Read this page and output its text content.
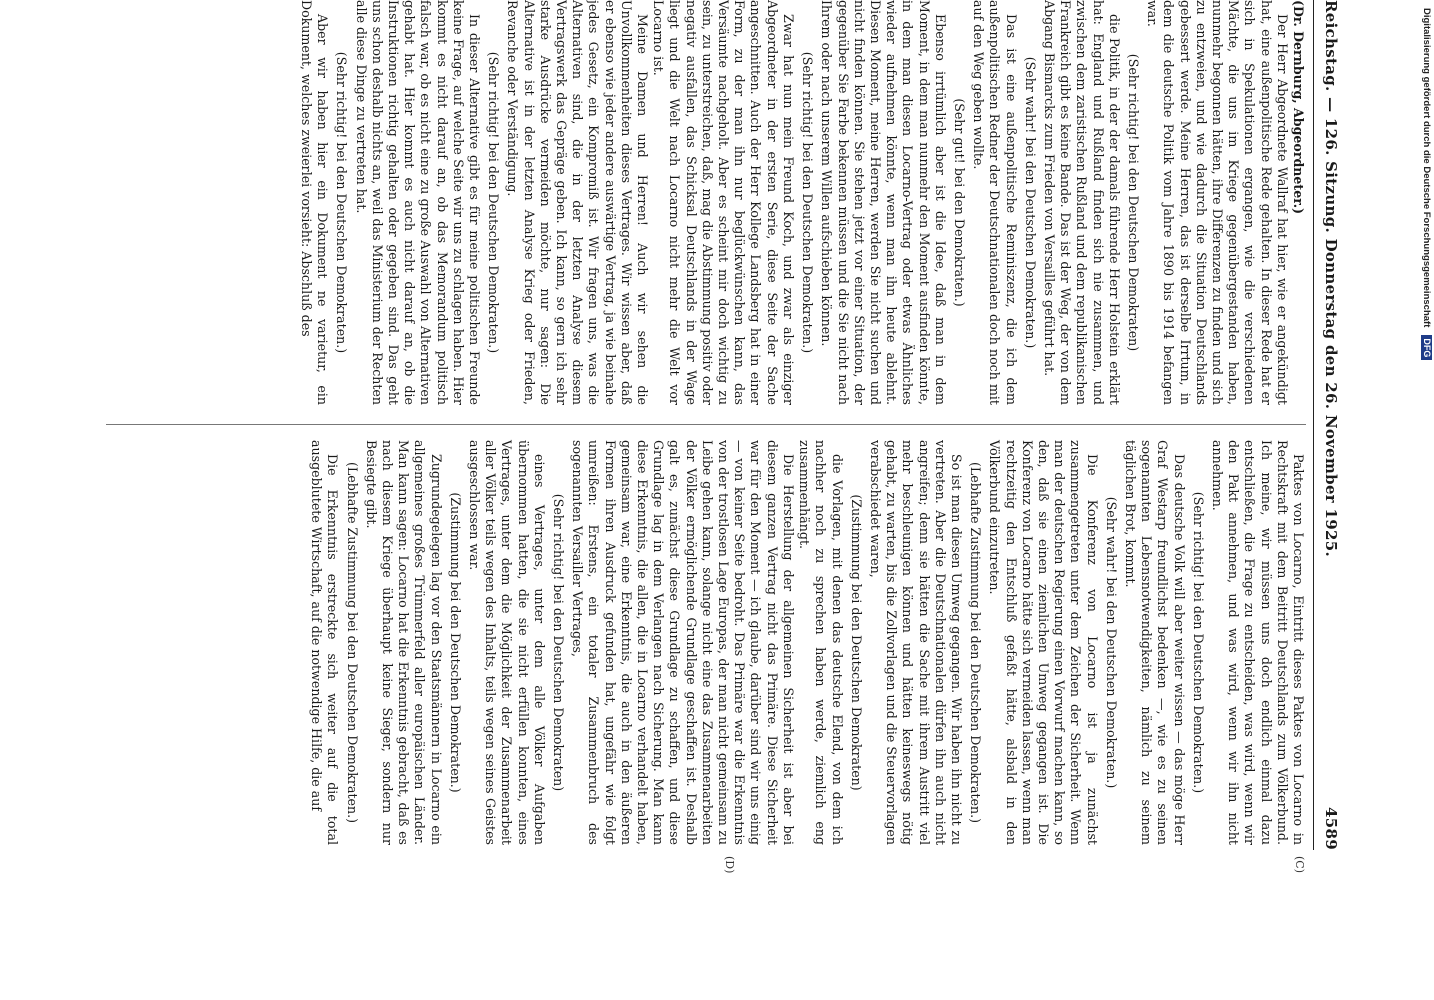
Reichstag. — 126. Sitzung. Donnerstag den 26. November 1925.
4589

(Dr. Dernburg, Abgeordneter.)

Der Herr Abgeordnete Wallraf hat hier, wie er angekündigt hat, eine außenpolitische Rede gehalten. In dieser Rede hat er sich in Spekulationen ergangen, wie die verschiedenen Mächte, die uns im Kriege gegenübergestanden haben, nunmehr begonnen hätten, ihre Differenzen zu finden und sich zu entzweien, und wie dadurch die Situation Deutschlands gebessert werde. Meine Herren, das ist derselbe Irrtum, in dem die deutsche Politik vom Jahre 1890 bis 1914 befangen war.

(Sehr richtig! bei den Deutschen Demokraten)

die Politik, in der der damals führende Herr Holstein erklärt hat: England und Rußland finden sich nie zusammen, und zwischen dem zaristischen Rußland und dem republikanischen Frankreich gibt es keine Bande. Das ist der Weg, der von dem Abgang Bismarcks zum Frieden von Versailles geführt hat.

(Sehr wahr! bei den Deutschen Demokraten.)

Das ist eine außenpolitische Reminiszenz, die ich dem außenpolitischen Redner der Deutschnationalen doch noch mit auf den Weg geben wollte.

(Sehr gut! bei den Demokraten.)

Ebenso irrtümlich aber ist die Idee, daß man in dem Moment, in dem man nunmehr den Moment ausfinden könnte, in dem man diesen Locarno-Vertrag oder etwas Ähnliches wieder aufnehmen könnte, wenn man ihn heute ablehnt. Diesen Moment, meine Herren, werden Sie nicht suchen und nicht finden können. Sie stehen jetzt vor einer Situation, der gegenüber Sie Farbe bekennen müssen und die Sie nicht nach Ihrem oder nach unserem Willen aufschieben können.

(Sehr richtig! bei den Deutschen Demokraten.)

Zwar hat nun mein Freund Koch, und zwar als einziger Abgeordneter in der ersten Serie, diese Seite der Sache angeschnitten. Auch der Herr Kollege Landsberg hat in einer Form, zu der man ihn nur beglückwünschen kann, das Versäumte nachgeholt. Aber es scheint mir doch wichtig zu sein, zu unterstreichen, daß, mag die Abstimmung positiv oder negativ ausfallen, das Schicksal Deutschlands in der Wage liegt und die Welt nach Locarno nicht mehr die Welt vor Locarno ist.

Meine Damen und Herren! Auch wir sehen die Unvollkommenheiten dieses Vertrages. Wir wissen aber, daß er ebenso wie jeder andere auswärtige Vertrag, ja wie beinahe jedes Gesetz, ein Kompromiß ist. Wir fragen uns, was die Alternativen sind, die in der letzten Analyse diesem Vertragswerk das Gepräge geben. Ich kann, so gern ich sehr starke Ausdrücke vermeiden möchte, nur sagen: Die Alternative ist in der letzten Analyse Krieg oder Frieden, Revanche oder Verständigung.

(Sehr richtig! bei den Deutschen Demokraten.)

In dieser Alternative gibt es für meine politischen Freunde keine Frage, auf welche Seite wir uns zu schlagen haben. Hier kommt es nicht darauf an, ob das Memorandum politisch falsch war, ob es nicht eine zu große Auswahl von Alternativen gehabt hat. Hier kommt es auch nicht darauf an, ob die Instruktionen richtig gehalten oder gegeben sind. Das geht uns schon deshalb nichts an, weil das Ministerium der Rechten alle diese Dinge zu vertreten hat.

(Sehr richtig! bei den Deutschen Demokraten.)

Aber wir haben hier ein Dokument ne varietur, ein Dokument, welches zweierlei vorsieht: Abschluß des

Paktes von Locarno, Eintritt dieses Paktes von Locarno in Rechtskraft mit dem Beitritt Deutschlands zum Völkerbund. Ich meine, wir müssen uns doch endlich einmal dazu entschließen, die Frage zu entscheiden, was wird, wenn wir den Pakt annehmen, und was wird, wenn wir ihn nicht annehmen.

(Sehr richtig! bei den Deutschen Demokraten.)

Das deutsche Volk will aber weiter wissen — das möge Herr Graf Westarp freundlichst bedenken —, wie es zu seinen sogenannten Lebensnotwendigkeiten, nämlich zu seinem täglichen Brot, kommt.

(Sehr wahr! bei den Deutschen Demokraten.)

Die Konferenz von Locarno ist ja zunächst zusammengetreten unter dem Zeichen der Sicherheit. Wenn man der deutschen Regierung einen Vorwurf machen kann, so den, daß sie einen ziemlichen Umweg gegangen ist. Die Konferenz von Locarno hätte sich vermeiden lassen, wenn man rechtzeitig den Entschluß gefaßt hätte, alsbald in den Völkerbund einzutreten.

(Lebhafte Zustimmung bei den Deutschen Demokraten.)

So ist man diesen Umweg gegangen. Wir haben ihn nicht zu vertreten. Aber die Deutschnationalen dürfen ihn auch nicht angreifen; denn sie hätten die Sache mit ihrem Austritt viel mehr beschleunigen können und hätten keineswegs nötig gehabt, zu warten, bis die Zollvorlagen und die Steuervorlagen verabschiedet waren,

(Zustimmung bei den Deutschen Demokraten)

die Vorlagen, mit denen das deutsche Elend, von dem ich nachher noch zu sprechen haben werde, ziemlich eng zusammenhängt.

Die Herstellung der allgemeinen Sicherheit ist aber bei diesem ganzen Vertrag nicht das Primäre. Diese Sicherheit war für den Moment — ich glaube, darüber sind wir uns einig — von keiner Seite bedroht. Das Primäre war die Erkenntnis von der trostlosen Lage Europas, der man nicht gemeinsam zu Leibe gehen kann, solange nicht eine das Zusammenarbeiten der Völker ermöglichende Grundlage geschaffen ist. Deshalb galt es, zunächst diese Grundlage zu schaffen, und diese Grundlage lag in dem Verlangen nach Sicherung. Man kann diese Erkenntnis, die allen, die in Locarno verhandelt haben, gemeinsam war, eine Erkenntnis, die auch in den äußeren Formen ihren Ausdruck gefunden hat, ungefähr wie folgt umreißen: Erstens, ein totaler Zusammenbruch des sogenannten Versailler Vertrages,

(Sehr richtig! bei den Deutschen Demokraten)

eines Vertrages, unter dem alle Völker Aufgaben übernommen hatten, die sie nicht erfüllen konnten, eines Vertrages, unter dem die Möglichkeit der Zusammenarbeit aller Völker teils wegen des Inhalts, teils wegen seines Geistes ausgeschlossen war.

(Zustimmung bei den Deutschen Demokraten.)

Zugrundegelegen lag vor den Staatsmännern in Locarno ein allgemeines großes Trümmerfeld aller europäischen Länder. Man kann sagen: Locarno hat die Erkenntnis gebracht, daß es nach diesem Kriege überhaupt keine Sieger, sondern nur Besiegte gibt.

(Lebhafte Zustimmung bei den Deutschen Demokraten.)

Die Erkenntnis erstreckte sich weiter auf die total ausgeblutete Wirtschaft, auf die notwendige Hilfe, die auf

(C)
(D)
Digitalisierung gefördert durch die Deutsche Forschungsgemeinschaft
DFG
